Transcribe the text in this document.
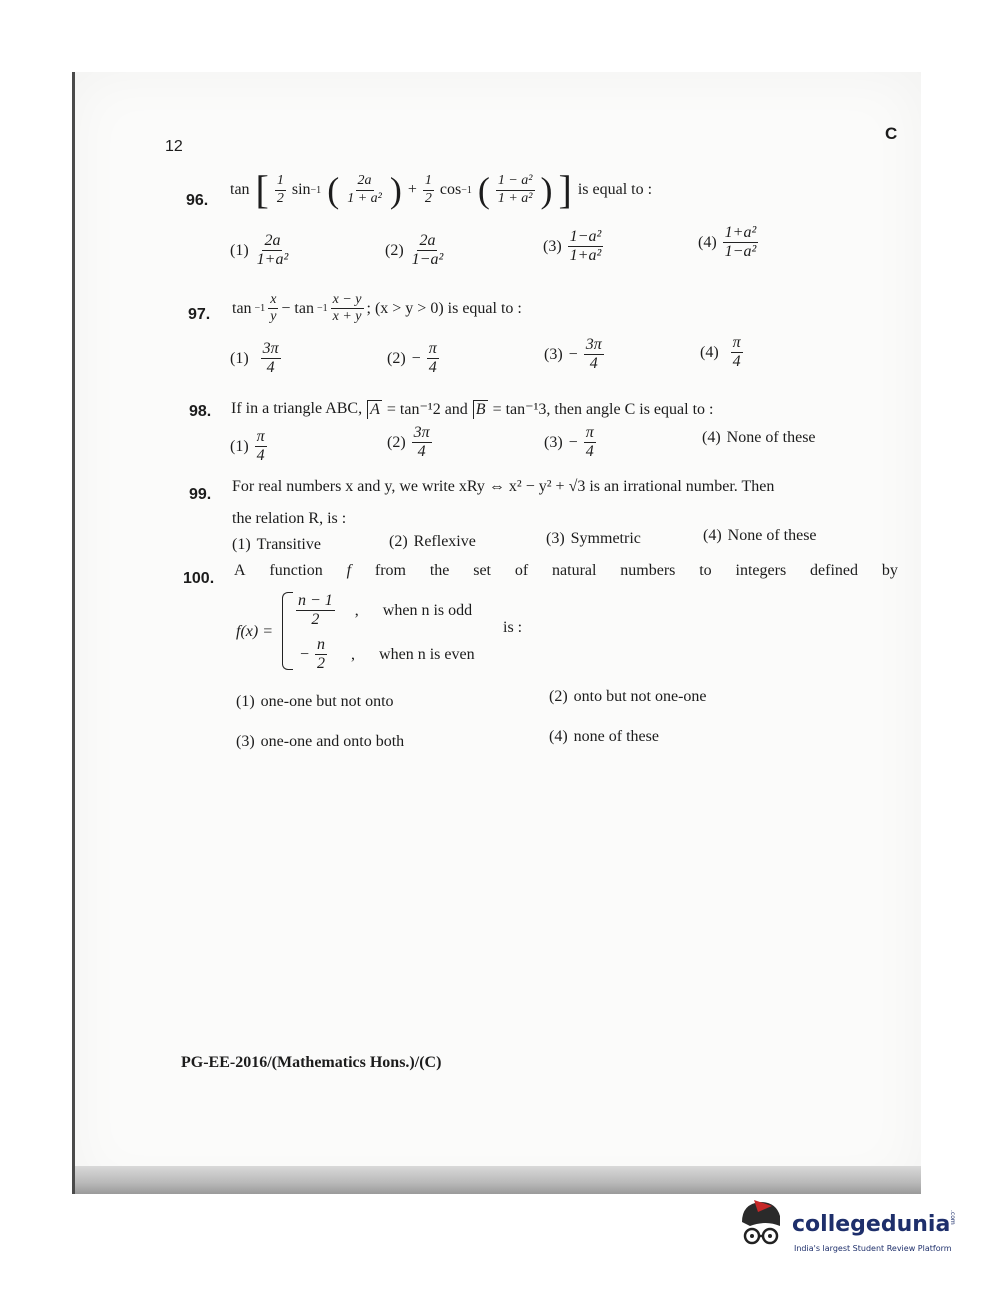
12
C
96.
tan [ $\frac{1}{2}$ sin −1 ( $\frac{2a}{\text{1 + a²}}$ ) + $\frac{1}{2}$ cos −1 ( $\frac{\text{1 − a²}}{\text{1 + a²}}$ ) ] is equal to :
$(1) \frac{2a}{\text{1+a²}}$	$(2) \frac{2a}{\text{1−a²}}$	$(3) \frac{\text{1−a²}}{\text{1+a²}}$	$(4) \frac{\text{1+a²}}{\text{1−a²}}$
97. $\tan -1 \frac{x}{y} - \tan -1 \frac{x - y}{x + y}$ ; (x > y > 0) is equal to :
$(1) \frac{3\pi}{4}$	$(2) - \frac{\pi}{4}$	$(3) - \frac{3\pi}{4}$	$(4) \frac{\pi}{4}$
98. If in a triangle ABC, A = tan⁻¹2 and B = tan⁻¹3, then angle C is equal to :
$(1) \frac{\pi}{4}$	$(2) \frac{3\pi}{4}$	$(3) - \frac{\pi}{4}$	(4) None of these
99. For real numbers x and y, we write xRy ⇔ x² − y² + √3 is an irrational number. Then
the relation R, is :
(1) Transitive	(2) Reflexive	(3) Symmetric	(4) None of these
100. A function f from the set of natural numbers to integers defined by
f(x) =
$\frac{n - 1}{2}$ , when n is odd
− $\frac{n}{2}$ , when n is even
is :
(1) one-one but not onto	(2) onto but not one-one
(3) one-one and onto both	(4) none of these
PG-EE-2016/(Mathematics Hons.)/(C)
collegedunia
.com
India's largest Student Review Platform
